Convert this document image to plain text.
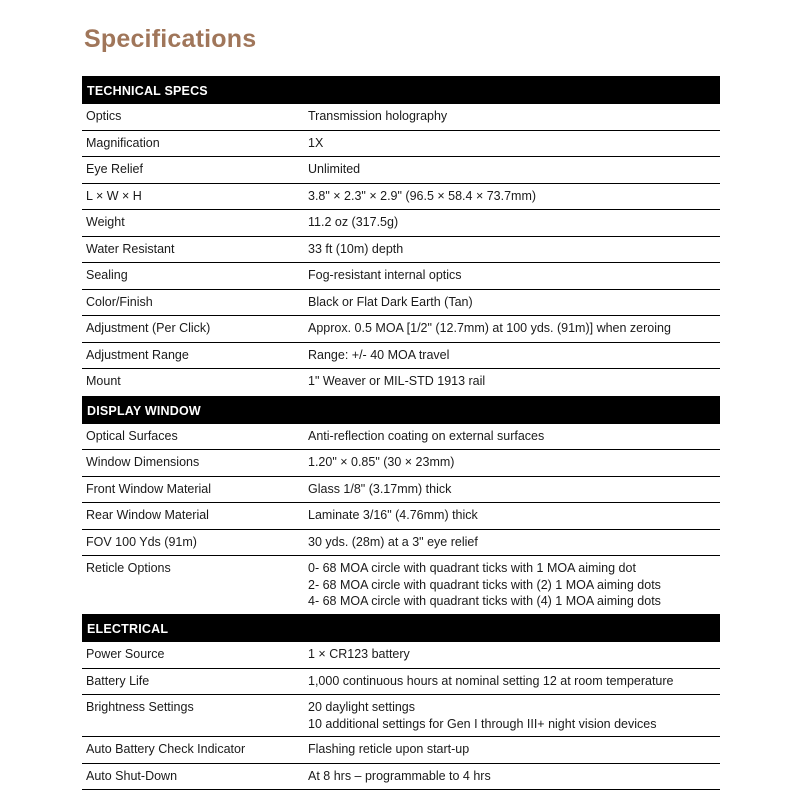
Specifications
TECHNICAL SPECS
Optics	Transmission holography
Magnification	1X
Eye Relief	Unlimited
L × W × H	3.8" × 2.3" × 2.9" (96.5 × 58.4 × 73.7mm)
Weight	11.2 oz (317.5g)
Water Resistant	33 ft (10m) depth
Sealing	Fog-resistant internal optics
Color/Finish	Black or Flat Dark Earth (Tan)
Adjustment (Per Click)	Approx. 0.5 MOA [1/2" (12.7mm) at 100 yds. (91m)] when zeroing
Adjustment Range	Range: +/- 40 MOA travel
Mount	1" Weaver or MIL-STD 1913 rail
DISPLAY WINDOW
Optical Surfaces	Anti-reflection coating on external surfaces
Window Dimensions	1.20" × 0.85" (30 × 23mm)
Front Window Material	Glass 1/8" (3.17mm) thick
Rear Window Material	Laminate 3/16" (4.76mm) thick
FOV 100 Yds (91m)	30 yds. (28m) at a 3" eye relief
Reticle Options	0- 68 MOA circle with quadrant ticks with 1 MOA aiming dot
2- 68 MOA circle with quadrant ticks with (2) 1 MOA aiming dots
4- 68 MOA circle with quadrant ticks with (4) 1 MOA aiming dots
ELECTRICAL
Power Source	1 × CR123 battery
Battery Life	1,000 continuous hours at nominal setting 12 at room temperature
Brightness Settings	20 daylight settings
10 additional settings for Gen I through III+ night vision devices
Auto Battery Check Indicator	Flashing reticle upon start-up
Auto Shut-Down	At 8 hrs – programmable to 4 hrs
